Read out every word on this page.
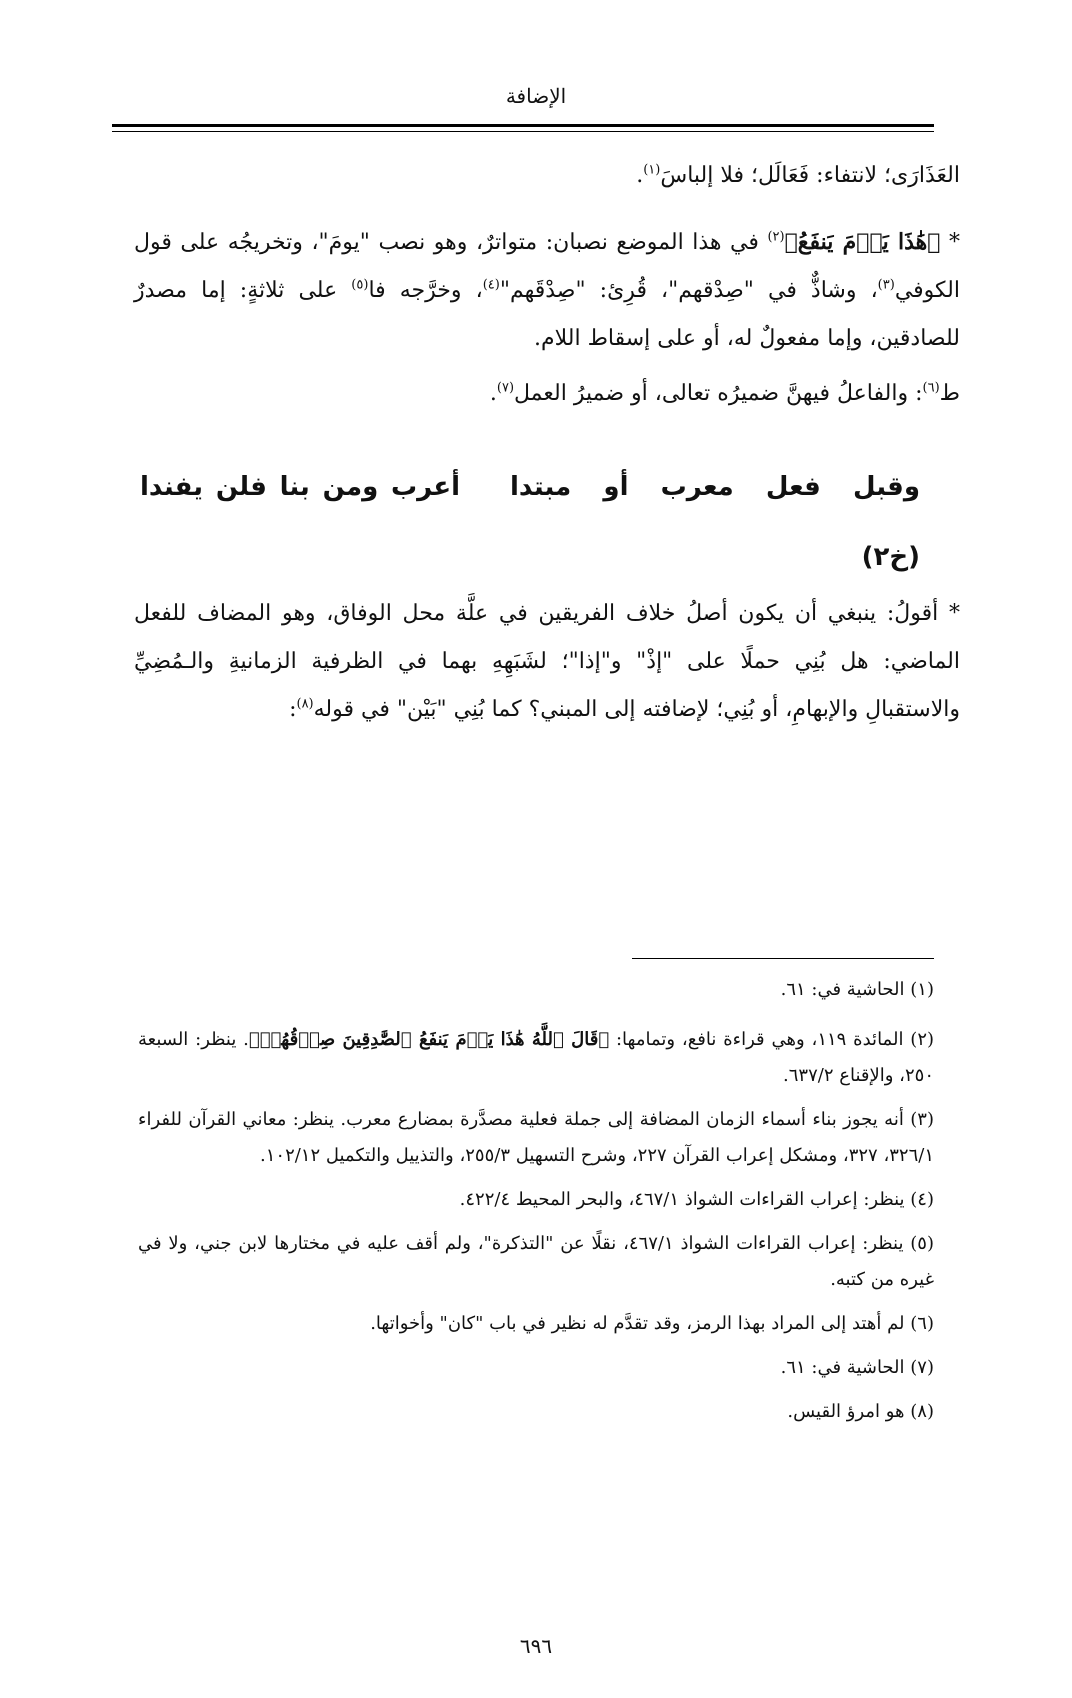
الإضافة

العَذَارَى؛ لانتفاء: فَعَالَل؛ فلا إلباسَ$^{(١)}$.

* ﴿هَٰذَا يَوۡمَ يَنفَعُ﴾$^{(٢)}$ في هذا الموضع نصبان: متواترٌ، وهو نصب "يومَ"، وتخريجُه على قول الكوفي$^{(٣)}$، وشاذٌّ في "صِدْقهم"، قُرِئ: "صِدْقَهم"$^{(٤)}$، وخرَّجه فا$^{(٥)}$ على ثلاثةٍ: إما مصدرٌ للصادقين، وإما مفعولٌ له، أو على إسقاط اللام.

ط$^{(٦)}$: والفاعلُ فيهنَّ ضميرُه تعالى، أو ضميرُ العمل$^{(٧)}$.

وقبل فعل معرب أو مبتدا
أعرب ومن بنا فلن يفندا
(خ٢)

* أقولُ: ينبغي أن يكون أصلُ خلاف الفريقين في علَّة محل الوفاق، وهو المضاف للفعل الماضي: هل بُنِي حملًا على "إذْ" و"إذا"؛ لشَبَهِهِ بهما في الظرفية الزمانيةِ والـمُضِيِّ والاستقبالِ والإبهامِ، أو بُنِي؛ لإضافته إلى المبني؟ كما بُنِي "بَيْن" في قوله$^{(٨)}$:

(١) الحاشية في: ٦١.

(٢) المائدة ١١٩، وهي قراءة نافع، وتمامها: ﴿قَالَ ٱللَّهُ هَٰذَا يَوۡمَ يَنفَعُ ٱلصَّٰدِقِينَ صِدۡقُهُمۡ﴾. ينظر: السبعة ٢٥٠، والإقناع ٦٣٧/٢.

(٣) أنه يجوز بناء أسماء الزمان المضافة إلى جملة فعلية مصدَّرة بمضارع معرب. ينظر: معاني القرآن للفراء ٣٢٦/١، ٣٢٧، ومشكل إعراب القرآن ٢٢٧، وشرح التسهيل ٢٥٥/٣، والتذييل والتكميل ١٠٢/١٢.

(٤) ينظر: إعراب القراءات الشواذ ٤٦٧/١، والبحر المحيط ٤٢٢/٤.

(٥) ينظر: إعراب القراءات الشواذ ٤٦٧/١، نقلًا عن "التذكرة"، ولم أقف عليه في مختارها لابن جني، ولا في غيره من كتبه.

(٦) لم أهتد إلى المراد بهذا الرمز، وقد تقدَّم له نظير في باب "كان" وأخواتها.

(٧) الحاشية في: ٦١.

(٨) هو امرؤ القيس.

٦٩٦
